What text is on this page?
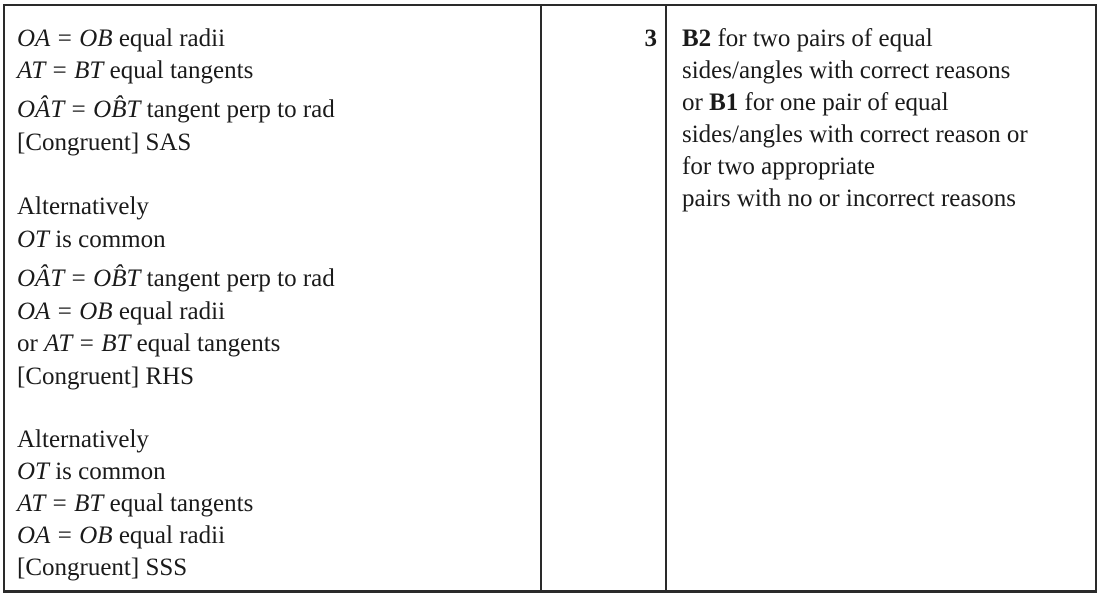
OA = OB equal radii
AT = BT equal tangents
OÂT = OB̂T tangent perp to rad
[Congruent] SAS
Alternatively
OT is common
OÂT = OB̂T tangent perp to rad
OA = OB equal radii
or AT = BT equal tangents
[Congruent] RHS
Alternatively
OT is common
AT = BT equal tangents
OA = OB equal radii
[Congruent] SSS
3 B2 for two pairs of equal
sides/angles with correct reasons
or B1 for one pair of equal
sides/angles with correct reason or
for two appropriate
pairs with no or incorrect reasons
